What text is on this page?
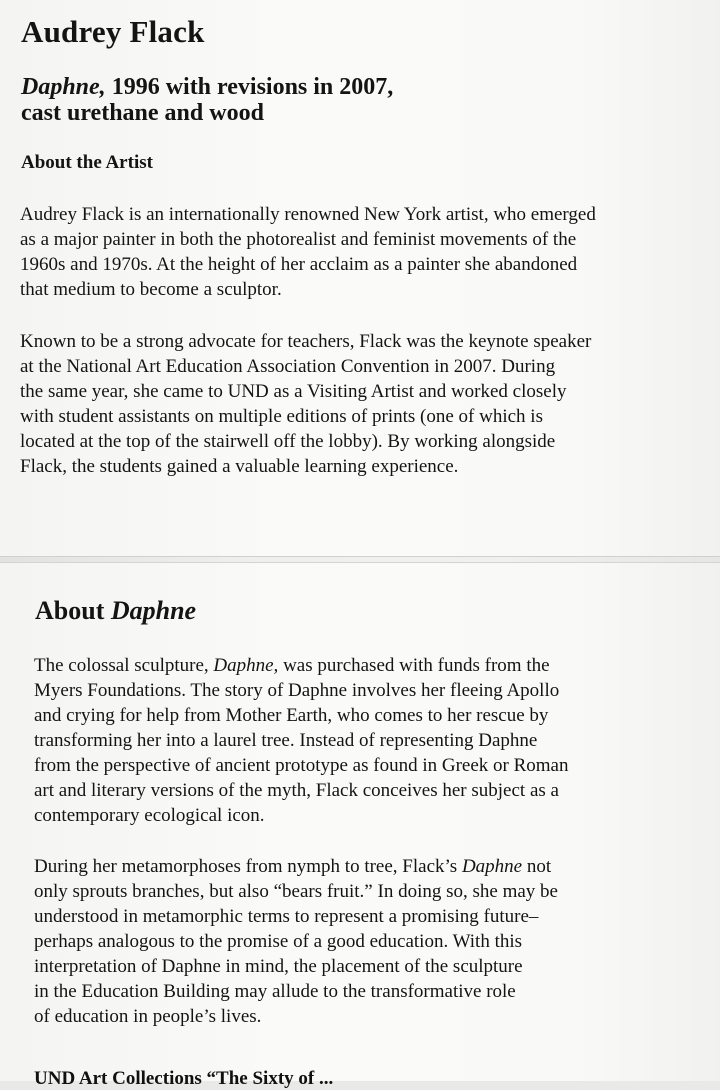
Audrey Flack
Daphne, 1996 with revisions in 2007,
cast urethane and wood
About the Artist
Audrey Flack is an internationally renowned New York artist, who emerged
as a major painter in both the photorealist and feminist movements of the
1960s and 1970s. At the height of her acclaim as a painter she abandoned
that medium to become a sculptor.
Known to be a strong advocate for teachers, Flack was the keynote speaker
at the National Art Education Association Convention in 2007. During
the same year, she came to UND as a Visiting Artist and worked closely
with student assistants on multiple editions of prints (one of which is
located at the top of the stairwell off the lobby). By working alongside
Flack, the students gained a valuable learning experience.
About Daphne
The colossal sculpture, Daphne, was purchased with funds from the
Myers Foundations. The story of Daphne involves her fleeing Apollo
and crying for help from Mother Earth, who comes to her rescue by
transforming her into a laurel tree. Instead of representing Daphne
from the perspective of ancient prototype as found in Greek or Roman
art and literary versions of the myth, Flack conceives her subject as a
contemporary ecological icon.
During her metamorphoses from nymph to tree, Flack’s Daphne not
only sprouts branches, but also “bears fruit.” In doing so, she may be
understood in metamorphic terms to represent a promising future–
perhaps analogous to the promise of a good education. With this
interpretation of Daphne in mind, the placement of the sculpture
in the Education Building may allude to the transformative role
of education in people’s lives.
UND Art Collections “The Sixty of ...
